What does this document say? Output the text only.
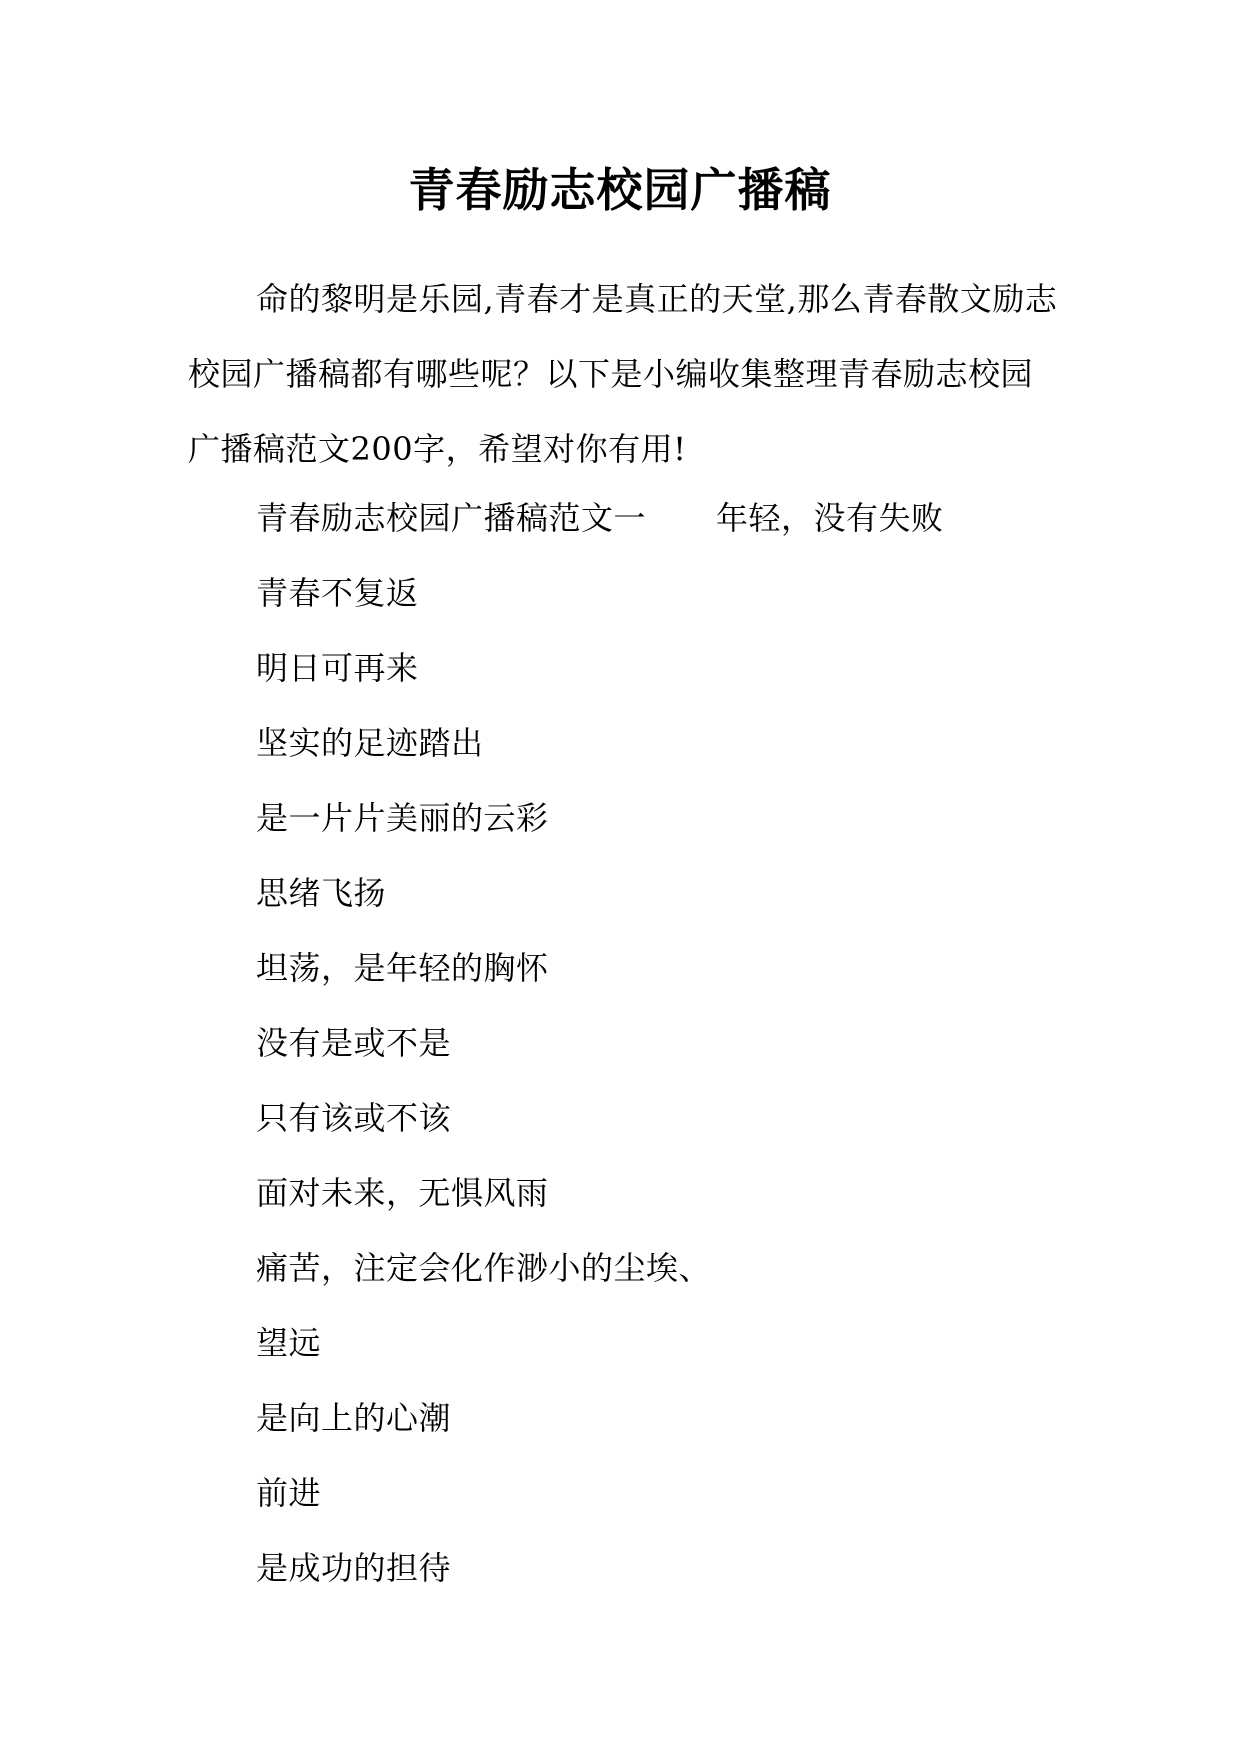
青春励志校园广播稿

命的黎明是乐园,青春才是真正的天堂,那么青春散文励志校园广播稿都有哪些呢？以下是小编收集整理青春励志校园广播稿范文200字，希望对你有用!

青春励志校园广播稿范文一 年轻，没有失败
青春不复返
明日可再来
坚实的足迹踏出
是一片片美丽的云彩
思绪飞扬
坦荡，是年轻的胸怀
没有是或不是
只有该或不该
面对未来，无惧风雨
痛苦，注定会化作渺小的尘埃、
望远
是向上的心潮
前进
是成功的担待
